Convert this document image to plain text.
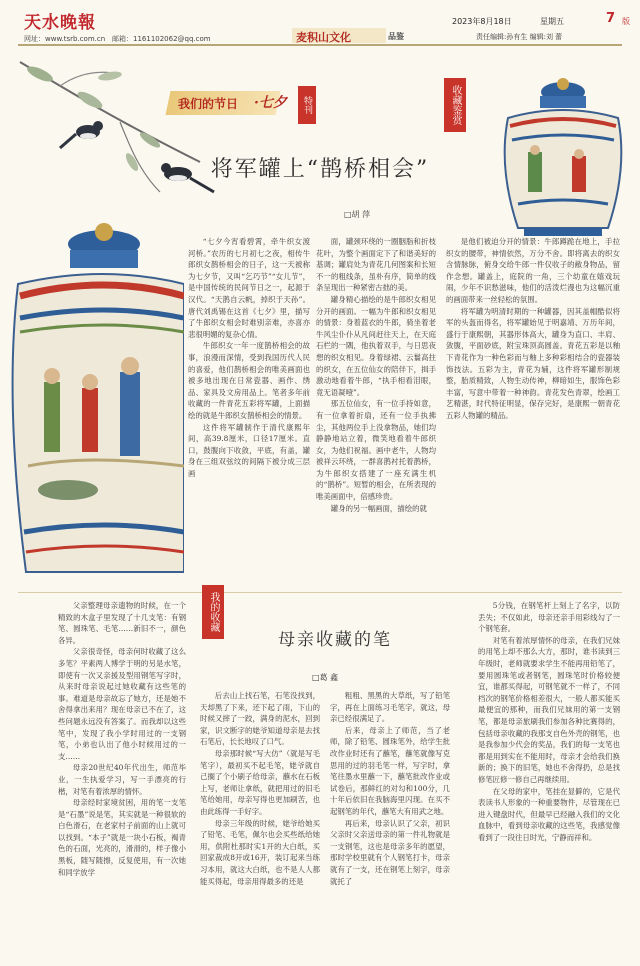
天水晚報
网址：www.tsrb.com.cn 邮箱：1161102062@qq.com	麦积山文化	品鉴
2023年8月18日	星期五	7 版
责任编辑:孙有生 编辑:刘 蕾
我们的节日 ·七夕	特刊	收藏鉴赏
将军罐上“鹊桥相会”
□胡 萍

“七夕今宵看碧霄，牵牛织女渡河桥。”农历的七月初七之夜，相传牛郎织女鹊桥相会的日子，这一天被称为七夕节，又叫“乞巧节”“女儿节”，是中国传统的民间节日之一，起源于汉代。“天鹊自云帆，掉织于天孙”。唐代刘禹锡在这首《七夕》里，描写了牛郎织女相会时难别亲难，亦喜亦悲很明媚的复杂心情。

牛郎织女一年一度鹊桥相会的故事，浪漫而深情，受到我国历代人民的喜爱，他们鹊桥相会的唯美画面也被多地出现在日常瓷器、画作、绣品、家具及文房用品上。笔者多年前收藏的一件青花五彩将军罐，上面描绘的就是牛郎织女鹊桥相会的情景。

这件将军罐制作于清代康熙年间，高39.8厘米，口径17厘米。直口，鼓腹向下收敛，平底，有盖，罐身在三组双弦纹的间隔下被分成三层画

面，罐颈环绕的一圈胭脂和折枝花叶，为整个画面定下了和谐美好的基调；罐肩处为青花几何图案和长短不一的粗线条，虽朴有序，简单的线条呈现出一种紧密古拙的美。

罐身精心描绘的是牛郎织女相见分开的画面。一幅为牛郎和织女相见的情景：身着蓝衣的牛郎，骑坐着老牛风尘仆仆从凡间赶往天上，在天庭石栏的一隅，他执着双手，与日思夜想的织女相见。身着绿裙、云鬟高拄的织女，在五位仙女的陪伴下，揖手激动地看着牛郎，“执手相看泪眼，竟无语凝噎”。

那五位仙女，有一位手持如意，有一位拿着折扇，还有一位手执拂尘，其他两位手上没拿物品，她们均静静地站立着，微笑地看着牛郎织女，为他们祝福。画中老牛，人物均被祥云环绕，一群喜鹊衬托着鹊桥，为牛郎织女搭建了一座充满生机的“鹊桥”。短暂的相会，在所表现的唯美画面中，倍感珍贵。

罐身的另一幅画面，描绘的就

是他们被迫分开的情景：牛郎蹲跪在地上，手拉织女的腰带，神情依然，万分不舍。即将离去的织女含情脉脉，俯身交给牛郎一件仅收子的敝身物品，留作念想。罐盖上，庭院的一角，三个幼童在嬉戏玩闹，少年不识愁滋味，他们的活泼烂漫也为这幅沉重的画面带来一丝轻松的氛围。

将军罐为明清时期的一种罐器，因其盖帽酷似将军的头盔而得名，将军罐始见于明嘉靖、万历年间，盛行于康熙朝，其器形体高大，罐身为直口、丰肩、敛腹，平面砂底，附宝珠顶高圆盖。青花五彩是以釉下青花作为一种色彩而与釉上多种彩相结合的瓷器装饰技法。五彩为主，青花为辅，这件将军罐形制规整，胎质精致，人物生动传神，柳暗如生，服饰色彩丰富，写意中带着一种神韵。青花发色青翠，绘画工艺精湛，时代特征明显，保存完好，是康熙一朝青花五彩人物罐的精品。

我的收藏
母亲收藏的笔
□葛 鑫

父亲整理母亲遗物的时候，在一个精致的木盒子里发现了十几支笔：有钢笔、圆珠笔、毛笔……新旧不一，颜色各异。

父亲很奇怪，母亲何时收藏了这么多笔？平素两人博学于明的另是水笔，即使有一次又亲援及型用钢笔写字时，从来时母亲说起过她收藏有这些笔的事。难道是母亲故忘了她方，还是她不舍得拿出来用？现在母亲已不在了，这些问题永远没有答案了。而我却以这些笔中，发现了我小学时用过的一支钢笔，小弟也认出了他小时候用过的一支……

母亲20世纪40年代出生，师范毕业，一生执爱学习，写一手漂亮的行楷，对笔有着浓厚的情怀。

母亲经时家境贫困，用的笔一支笔是“石墨”说是笔，其实就是一种很软的白色滑石，在老家村子前面的山上就可以找到。“本子”就是一块小石板，褐青色的石面，光亮的，滑滑的，样子像小黑板，随写随擦，反复使用，有一次她和同学放学

后去山上找石笔，石笔没找到，天却黑了下来，还下起了雨，下山的时候又摔了一跤，满身的泥水，回到家，识文断字的姥爷知道母亲是去找石笔后，长长地叹了口气。

母亲那时候“写大仿”（就是写毛笔字），最初买不起毛笔，姥爷就自己搁了个小刷子给母亲，蘸水在石板上写，老师让拿纸，就把用过的旧毛笔给她用，母亲写得也更加刷苦，也由此练得一手好字。

母亲三年级的时候，姥爷给她买了铅笔、毛笔，佩尔也会买些纸给她用，供附杜那时实1开的大白纸，买回家裁成8开或16开，装订起来当练习本用，就这大白纸，也不是人人都能买得起，母亲用得最多的还是

粗粗、黑黑的大草纸，写了铅笔字，再在上面练习毛笔字，就这，母亲已经很满足了。

后来，母亲上了师范，当了老师，除了铅笔、圆珠笔外，给学生批改作业时还有了蘸笔，蘸笔就像写克思用的过的羽毛笔一样，写字时，拿笔往墨水里蘸一下，蘸笔批改作业或试卷后，那鲜红的对勾和100分，几十年后依旧在我脑海里闪现。在买不起钢笔的年代，蘸笔大有用武之地。

再后来，母亲认识了父亲，初识父亲时父亲送母亲的第一件礼物就是一支钢笔，这也是母亲多年的愿望，那时学校里就有个人钢笔打卡，母亲就有了一支，还在钢笔上刻字，母亲就托了

5分钱，在钢笔杆上刻上了名字，以防丢失；不仅如此，母亲还亲手用彩线勾了一个钢笔套。

对笔有着浓厚情怀的母亲，在我们兄妹的用笔上却不那么大方，那时，谁书读到三年级时，老师就要求学生不能再用铅笔了，要用圆珠笔或者钢笔，圆珠笔时价格较便宜，谁都买得起，可钢笔就不一样了，不同档次的钢笔价格相差很大，一般人都买能买最便宜的那种，而我们兄妹用的第一支钢笔，都是母亲旅刷我们参加各种比赛得的，包括母亲收藏的我那支自色外壳的钢笔，也是我参加少代会的奖品，我们的每一支笔也都是用到实在不能用时，母亲才会给我们换新的；换下的旧笔，她也不舍得扔，总是找修笔匠修一修自己再继续用。

在父母的家中，笔挂在显僻的，它是代表读书人形象的一种重要物件，尽管现在已进入键盘时代，但最早已经融入我们的文化血脉中，看到母亲收藏的这些笔，我感觉像看到了一段往日时光，宁静而祥和。
